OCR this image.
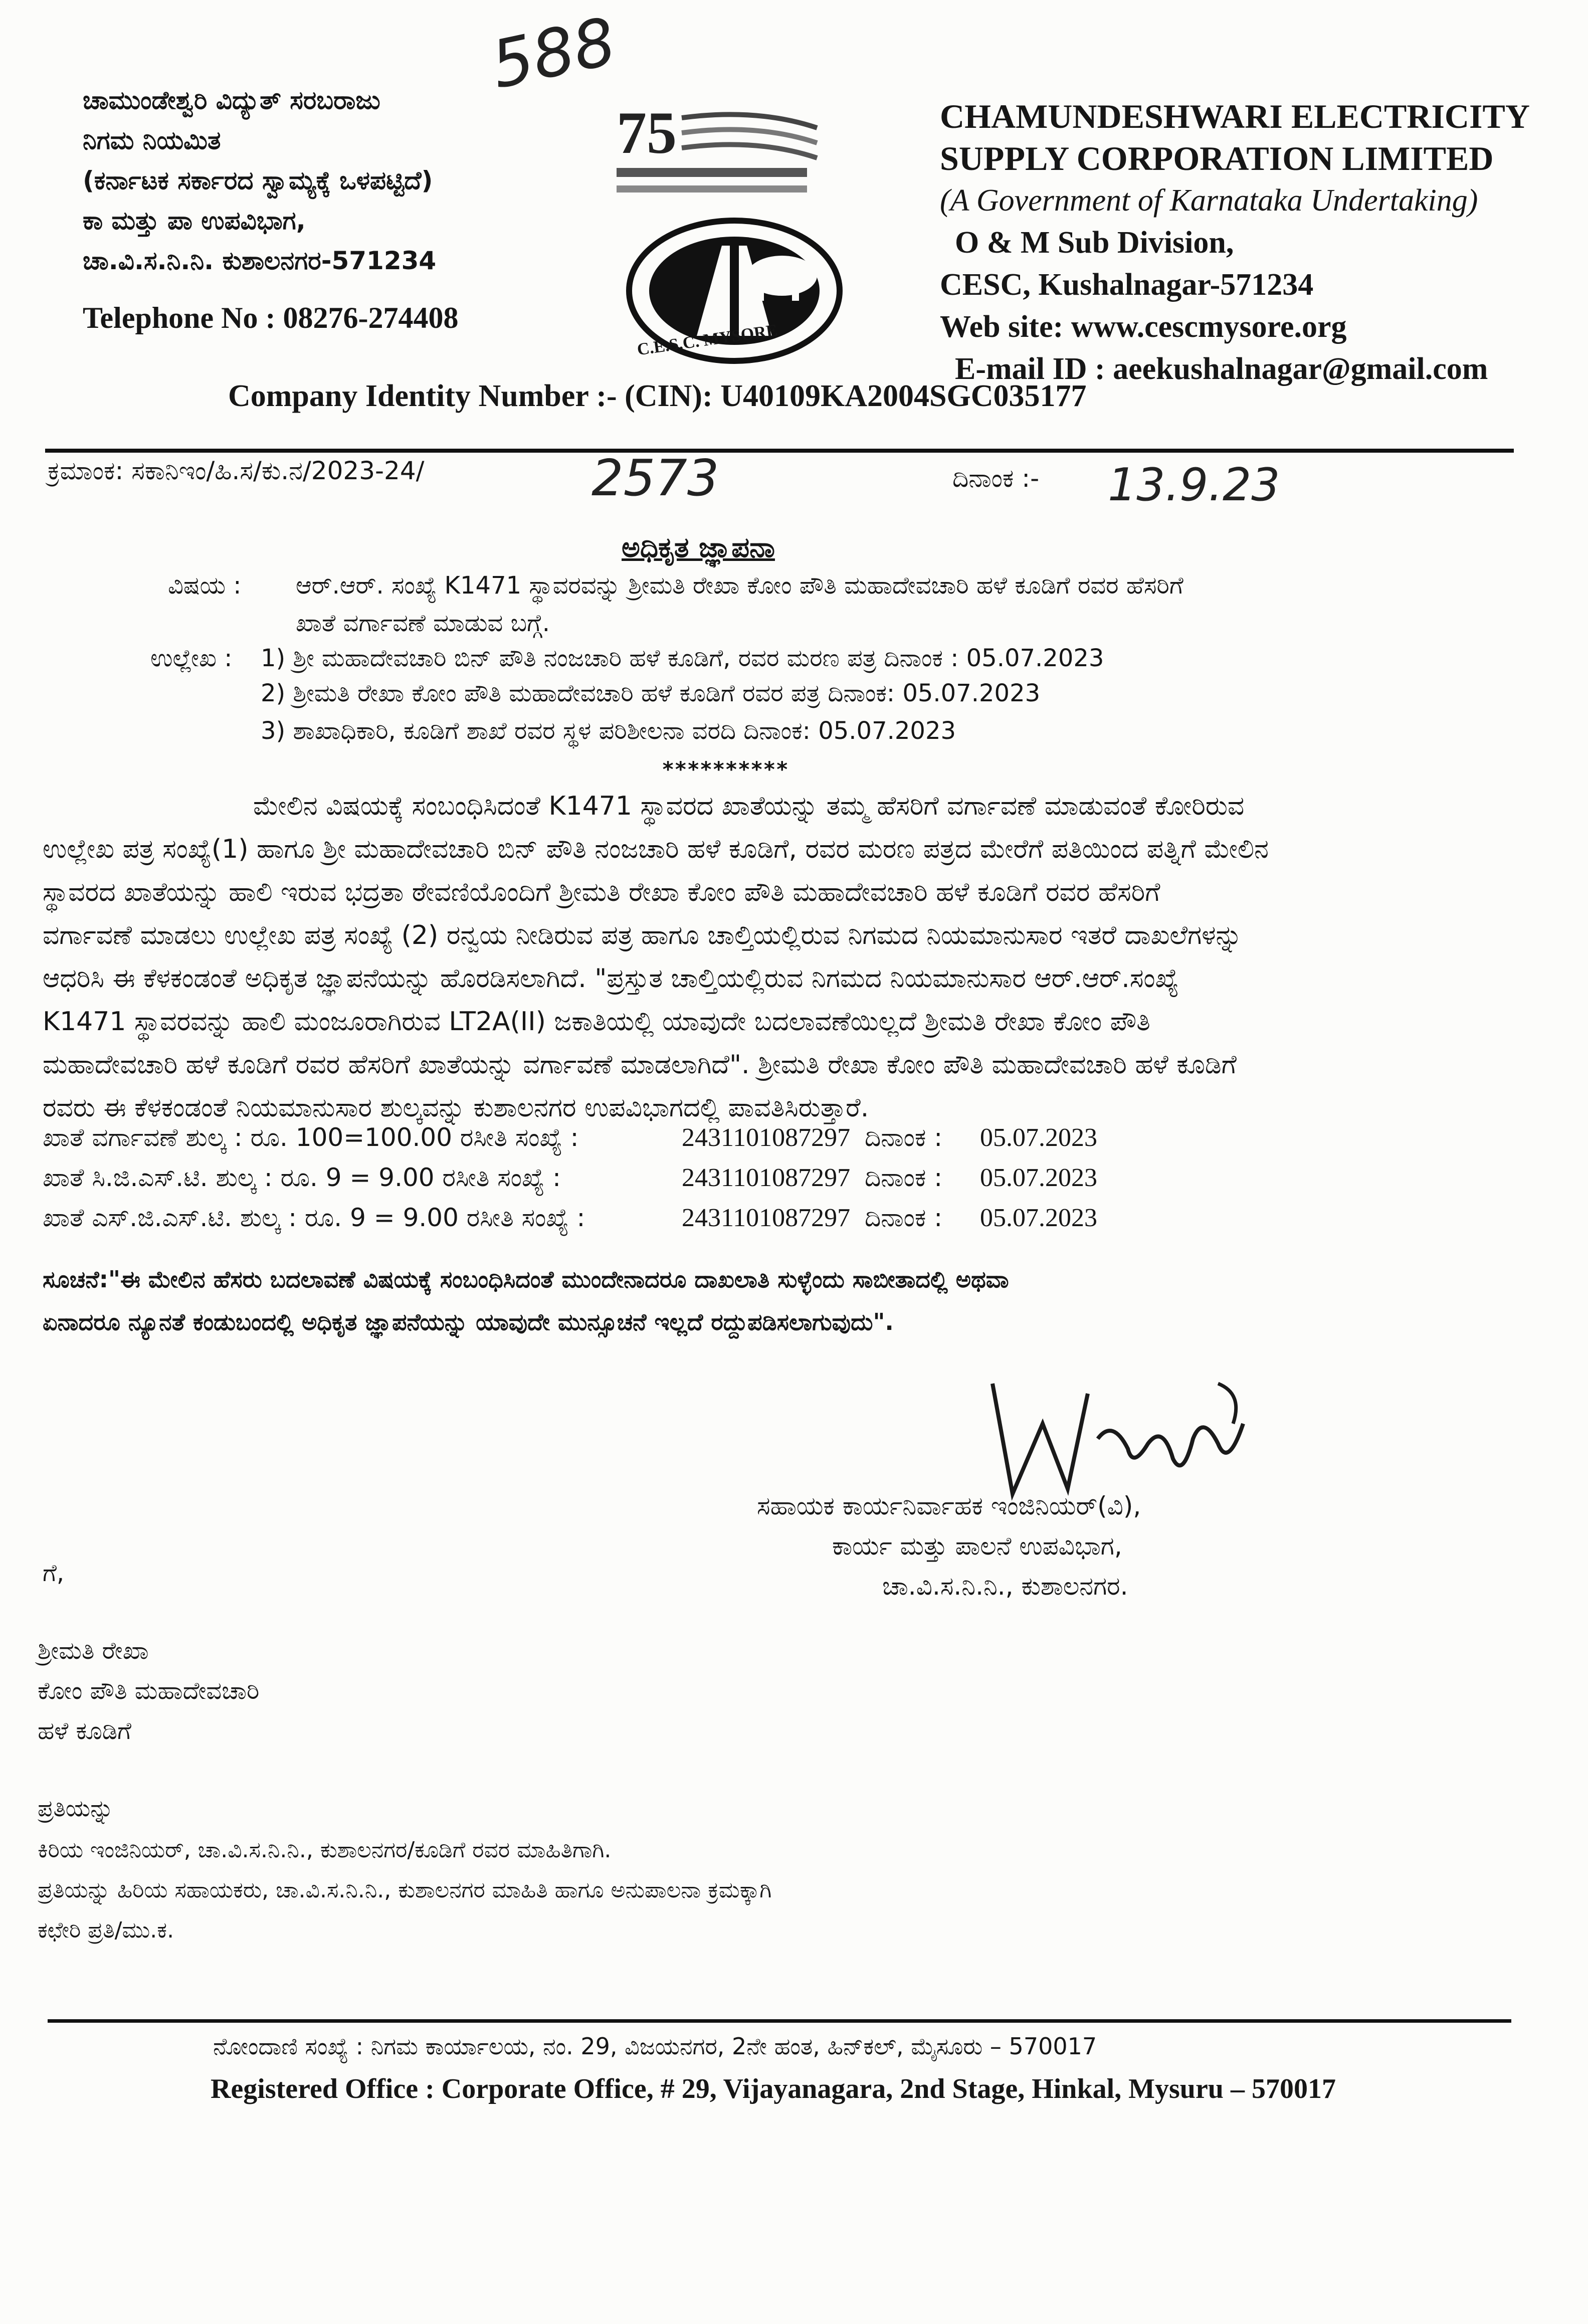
588
ಚಾಮುಂಡೇಶ್ವರಿ ವಿದ್ಯುತ್ ಸರಬರಾಜು
ನಿಗಮ ನಿಯಮಿತ
(ಕರ್ನಾಟಕ ಸರ್ಕಾರದ ಸ್ವಾಮ್ಯಕ್ಕೆ ಒಳಪಟ್ಟಿದೆ)
ಕಾ ಮತ್ತು ಪಾ ಉಪವಿಭಾಗ,
ಚಾ.ವಿ.ಸ.ನಿ.ನಿ. ಕುಶಾಲನಗರ-571234
Telephone No : 08276-274408
75
C.E.S.C. MYSORE
CHAMUNDESHWARI ELECTRICITY
SUPPLY CORPORATION LIMITED
(A Government of Karnataka Undertaking)
O & M Sub Division,
CESC, Kushalnagar-571234
Web site: www.cescmysore.org
E-mail ID : aeekushalnagar@gmail.com
Company Identity Number :- (CIN): U40109KA2004SGC035177
ಕ್ರಮಾಂಕ: ಸಕಾನಿಇಂ/ಹಿ.ಸ/ಕು.ನ/2023-24/	2573	ದಿನಾಂಕ :- 13.9.23
ಅಧಿಕೃತ ಜ್ಞಾಪನಾ
ವಿಷಯ : ಆರ್.ಆರ್. ಸಂಖ್ಯೆ K1471 ಸ್ಥಾವರವನ್ನು ಶ್ರೀಮತಿ ರೇಖಾ ಕೋಂ ಪೌತಿ ಮಹಾದೇವಚಾರಿ ಹಳೆ ಕೂಡಿಗೆ ರವರ ಹೆಸರಿಗೆ
ಖಾತೆ ವರ್ಗಾವಣೆ ಮಾಡುವ ಬಗ್ಗೆ.
ಉಲ್ಲೇಖ : 1) ಶ್ರೀ ಮಹಾದೇವಚಾರಿ ಬಿನ್ ಪೌತಿ ನಂಜಚಾರಿ ಹಳೆ ಕೂಡಿಗೆ, ರವರ ಮರಣ ಪತ್ರ ದಿನಾಂಕ : 05.07.2023
2) ಶ್ರೀಮತಿ ರೇಖಾ ಕೋಂ ಪೌತಿ ಮಹಾದೇವಚಾರಿ ಹಳೆ ಕೂಡಿಗೆ ರವರ ಪತ್ರ ದಿನಾಂಕ: 05.07.2023
3) ಶಾಖಾಧಿಕಾರಿ, ಕೂಡಿಗೆ ಶಾಖೆ ರವರ ಸ್ಥಳ ಪರಿಶೀಲನಾ ವರದಿ ದಿನಾಂಕ: 05.07.2023
**********
ಮೇಲಿನ ವಿಷಯಕ್ಕೆ ಸಂಬಂಧಿಸಿದಂತೆ K1471 ಸ್ಥಾವರದ ಖಾತೆಯನ್ನು ತಮ್ಮ ಹೆಸರಿಗೆ ವರ್ಗಾವಣೆ ಮಾಡುವಂತೆ ಕೋರಿರುವ
ಉಲ್ಲೇಖ ಪತ್ರ ಸಂಖ್ಯೆ(1) ಹಾಗೂ ಶ್ರೀ ಮಹಾದೇವಚಾರಿ ಬಿನ್ ಪೌತಿ ನಂಜಚಾರಿ ಹಳೆ ಕೂಡಿಗೆ, ರವರ ಮರಣ ಪತ್ರದ ಮೇರೆಗೆ ಪತಿಯಿಂದ ಪತ್ನಿಗೆ ಮೇಲಿನ
ಸ್ಥಾವರದ ಖಾತೆಯನ್ನು ಹಾಲಿ ಇರುವ ಭದ್ರತಾ ಠೇವಣಿಯೊಂದಿಗೆ ಶ್ರೀಮತಿ ರೇಖಾ ಕೋಂ ಪೌತಿ ಮಹಾದೇವಚಾರಿ ಹಳೆ ಕೂಡಿಗೆ ರವರ ಹೆಸರಿಗೆ
ವರ್ಗಾವಣೆ ಮಾಡಲು ಉಲ್ಲೇಖ ಪತ್ರ ಸಂಖ್ಯೆ (2) ರನ್ವಯ ನೀಡಿರುವ ಪತ್ರ ಹಾಗೂ ಚಾಲ್ತಿಯಲ್ಲಿರುವ ನಿಗಮದ ನಿಯಮಾನುಸಾರ ಇತರೆ ದಾಖಲೆಗಳನ್ನು
ಆಧರಿಸಿ ಈ ಕೆಳಕಂಡಂತೆ ಅಧಿಕೃತ ಜ್ಞಾಪನೆಯನ್ನು ಹೊರಡಿಸಲಾಗಿದೆ. "ಪ್ರಸ್ತುತ ಚಾಲ್ತಿಯಲ್ಲಿರುವ ನಿಗಮದ ನಿಯಮಾನುಸಾರ ಆರ್.ಆರ್.ಸಂಖ್ಯೆ
K1471 ಸ್ಥಾವರವನ್ನು ಹಾಲಿ ಮಂಜೂರಾಗಿರುವ LT2A(II) ಜಕಾತಿಯಲ್ಲಿ ಯಾವುದೇ ಬದಲಾವಣೆಯಿಲ್ಲದೆ ಶ್ರೀಮತಿ ರೇಖಾ ಕೋಂ ಪೌತಿ
ಮಹಾದೇವಚಾರಿ ಹಳೆ ಕೂಡಿಗೆ ರವರ ಹೆಸರಿಗೆ ಖಾತೆಯನ್ನು ವರ್ಗಾವಣೆ ಮಾಡಲಾಗಿದೆ". ಶ್ರೀಮತಿ ರೇಖಾ ಕೋಂ ಪೌತಿ ಮಹಾದೇವಚಾರಿ ಹಳೆ ಕೂಡಿಗೆ
ರವರು ಈ ಕೆಳಕಂಡಂತೆ ನಿಯಮಾನುಸಾರ ಶುಲ್ಕವನ್ನು ಕುಶಾಲನಗರ ಉಪವಿಭಾಗದಲ್ಲಿ ಪಾವತಿಸಿರುತ್ತಾರೆ.
ಖಾತೆ ವರ್ಗಾವಣೆ ಶುಲ್ಕ : ರೂ. 100=100.00 ರಸೀತಿ ಸಂಖ್ಯೆ :	2431101087297 ದಿನಾಂಕ : 05.07.2023
ಖಾತೆ ಸಿ.ಜಿ.ಎಸ್.ಟಿ. ಶುಲ್ಕ : ರೂ. 9 = 9.00 ರಸೀತಿ ಸಂಖ್ಯೆ :	2431101087297 ದಿನಾಂಕ : 05.07.2023
ಖಾತೆ ಎಸ್.ಜಿ.ಎಸ್.ಟಿ. ಶುಲ್ಕ : ರೂ. 9 = 9.00 ರಸೀತಿ ಸಂಖ್ಯೆ :	2431101087297 ದಿನಾಂಕ : 05.07.2023
ಸೂಚನೆ:"ಈ ಮೇಲಿನ ಹೆಸರು ಬದಲಾವಣೆ ವಿಷಯಕ್ಕೆ ಸಂಬಂಧಿಸಿದಂತೆ ಮುಂದೇನಾದರೂ ದಾಖಲಾತಿ ಸುಳ್ಳೆಂದು ಸಾಬೀತಾದಲ್ಲಿ ಅಥವಾ
ಏನಾದರೂ ನ್ಯೂನತೆ ಕಂಡುಬಂದಲ್ಲಿ ಅಧಿಕೃತ ಜ್ಞಾಪನೆಯನ್ನು ಯಾವುದೇ ಮುನ್ಸೂಚನೆ ಇಲ್ಲದೆ ರದ್ದುಪಡಿಸಲಾಗುವುದು".
ಸಹಾಯಕ ಕಾರ್ಯನಿರ್ವಾಹಕ ಇಂಜಿನಿಯರ್(ವಿ),
ಕಾರ್ಯ ಮತ್ತು ಪಾಲನೆ ಉಪವಿಭಾಗ,
ಚಾ.ವಿ.ಸ.ನಿ.ನಿ., ಕುಶಾಲನಗರ.
ಗೆ,
ಶ್ರೀಮತಿ ರೇಖಾ
ಕೋಂ ಪೌತಿ ಮಹಾದೇವಚಾರಿ
ಹಳೆ ಕೂಡಿಗೆ
ಪ್ರತಿಯನ್ನು
ಕಿರಿಯ ಇಂಜಿನಿಯರ್, ಚಾ.ವಿ.ಸ.ನಿ.ನಿ., ಕುಶಾಲನಗರ/ಕೂಡಿಗೆ ರವರ ಮಾಹಿತಿಗಾಗಿ.
ಪ್ರತಿಯನ್ನು ಹಿರಿಯ ಸಹಾಯಕರು, ಚಾ.ವಿ.ಸ.ನಿ.ನಿ., ಕುಶಾಲನಗರ ಮಾಹಿತಿ ಹಾಗೂ ಅನುಪಾಲನಾ ಕ್ರಮಕ್ಕಾಗಿ
ಕಛೇರಿ ಪ್ರತಿ/ಮು.ಕ.
ನೋಂದಾಣಿ ಸಂಖ್ಯೆ : ನಿಗಮ ಕಾರ್ಯಾಲಯ, ನಂ. 29, ವಿಜಯನಗರ, 2ನೇ ಹಂತ, ಹಿನ್‌ಕಲ್, ಮೈಸೂರು – 570017
Registered Office : Corporate Office, # 29, Vijayanagara, 2nd Stage, Hinkal, Mysuru – 570017
